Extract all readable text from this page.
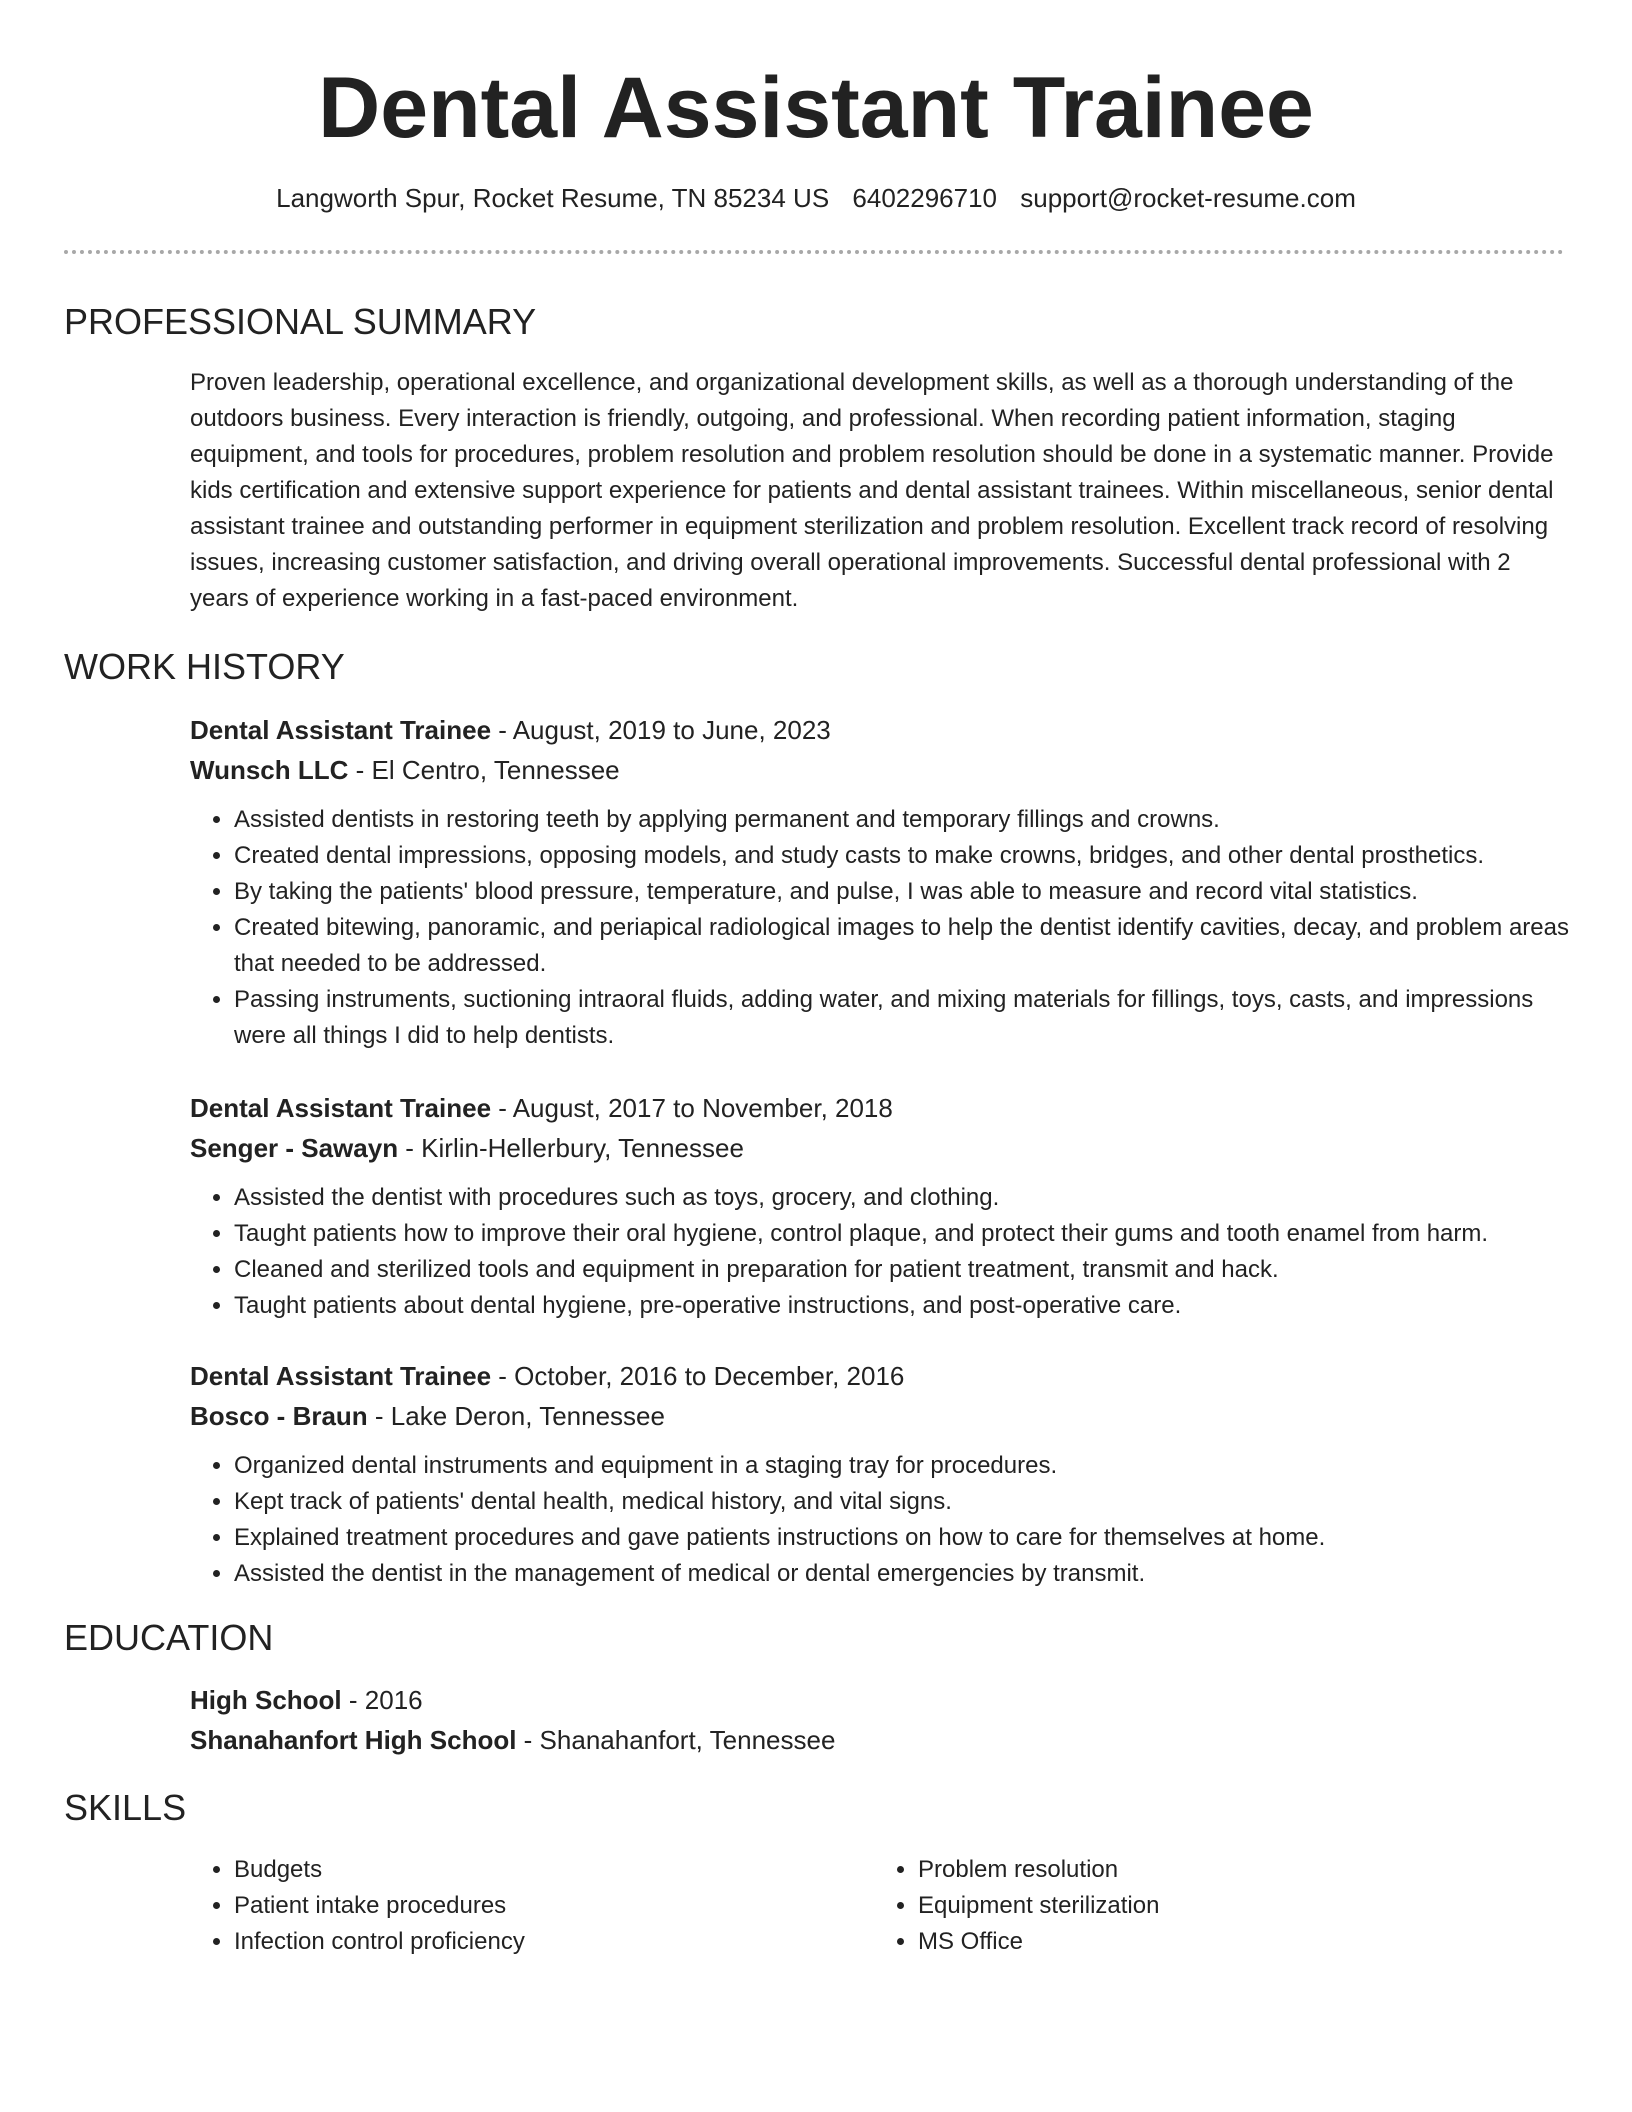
Dental Assistant Trainee
Langworth Spur, Rocket Resume, TN 85234 US 6402296710 support@rocket-resume.com
PROFESSIONAL SUMMARY

Proven leadership, operational excellence, and organizational development skills, as well as a thorough understanding of the outdoors business. Every interaction is friendly, outgoing, and professional. When recording patient information, staging equipment, and tools for procedures, problem resolution and problem resolution should be done in a systematic manner. Provide kids certification and extensive support experience for patients and dental assistant trainees. Within miscellaneous, senior dental assistant trainee and outstanding performer in equipment sterilization and problem resolution. Excellent track record of resolving issues, increasing customer satisfaction, and driving overall operational improvements. Successful dental professional with 2 years of experience working in a fast-paced environment.

WORK HISTORY

Dental Assistant Trainee - August, 2019 to June, 2023

Wunsch LLC - El Centro, Tennessee

• Assisted dentists in restoring teeth by applying permanent and temporary fillings and crowns.
• Created dental impressions, opposing models, and study casts to make crowns, bridges, and other dental prosthetics.
• By taking the patients' blood pressure, temperature, and pulse, I was able to measure and record vital statistics.
• Created bitewing, panoramic, and periapical radiological images to help the dentist identify cavities, decay, and problem areas that needed to be addressed.
• Passing instruments, suctioning intraoral fluids, adding water, and mixing materials for fillings, toys, casts, and impressions were all things I did to help dentists.

Dental Assistant Trainee - August, 2017 to November, 2018

Senger - Sawayn - Kirlin-Hellerbury, Tennessee

• Assisted the dentist with procedures such as toys, grocery, and clothing.
• Taught patients how to improve their oral hygiene, control plaque, and protect their gums and tooth enamel from harm.
• Cleaned and sterilized tools and equipment in preparation for patient treatment, transmit and hack.
• Taught patients about dental hygiene, pre-operative instructions, and post-operative care.

Dental Assistant Trainee - October, 2016 to December, 2016

Bosco - Braun - Lake Deron, Tennessee

• Organized dental instruments and equipment in a staging tray for procedures.
• Kept track of patients' dental health, medical history, and vital signs.
• Explained treatment procedures and gave patients instructions on how to care for themselves at home.
• Assisted the dentist in the management of medical or dental emergencies by transmit.
EDUCATION

High School - 2016

Shanahanfort High School - Shanahanfort, Tennessee

SKILLS
• Budgets
• Patient intake procedures
• Infection control proficiency
• Problem resolution
• Equipment sterilization
• MS Office
